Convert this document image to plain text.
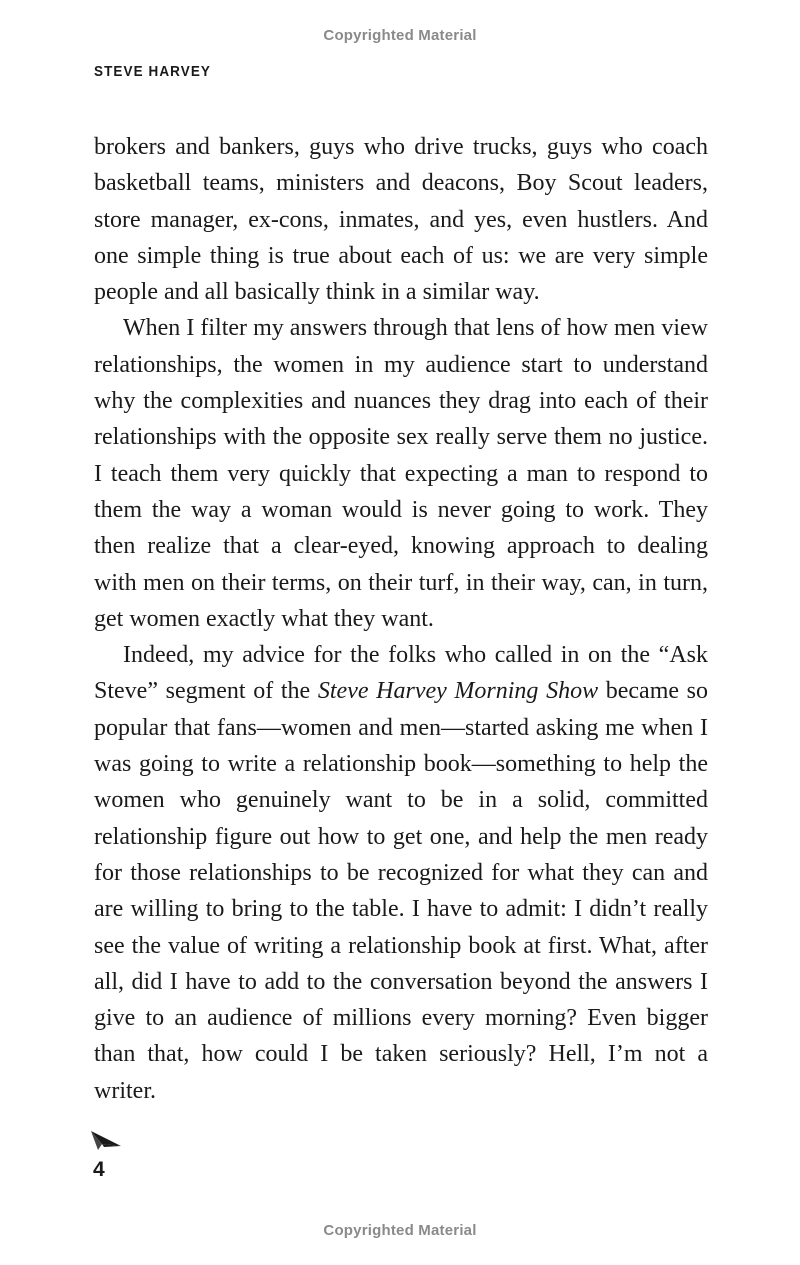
Copyrighted Material
STEVE HARVEY

brokers and bankers, guys who drive trucks, guys who coach basketball teams, ministers and deacons, Boy Scout leaders, store manager, ex-cons, inmates, and yes, even hustlers. And one simple thing is true about each of us: we are very simple people and all basically think in a similar way.

When I filter my answers through that lens of how men view relationships, the women in my audience start to understand why the complexities and nuances they drag into each of their relationships with the opposite sex really serve them no justice. I teach them very quickly that expecting a man to respond to them the way a woman would is never going to work. They then realize that a clear-eyed, knowing approach to dealing with men on their terms, on their turf, in their way, can, in turn, get women exactly what they want.

Indeed, my advice for the folks who called in on the “Ask Steve” segment of the Steve Harvey Morning Show became so popular that fans—women and men—started asking me when I was going to write a relationship book—something to help the women who genuinely want to be in a solid, committed relationship figure out how to get one, and help the men ready for those relationships to be recognized for what they can and are willing to bring to the table. I have to admit: I didn’t really see the value of writing a relationship book at first. What, after all, did I have to add to the conversation beyond the answers I give to an audience of millions every morning? Even bigger than that, how could I be taken seriously? Hell, I’m not a writer.

4
Copyrighted Material
